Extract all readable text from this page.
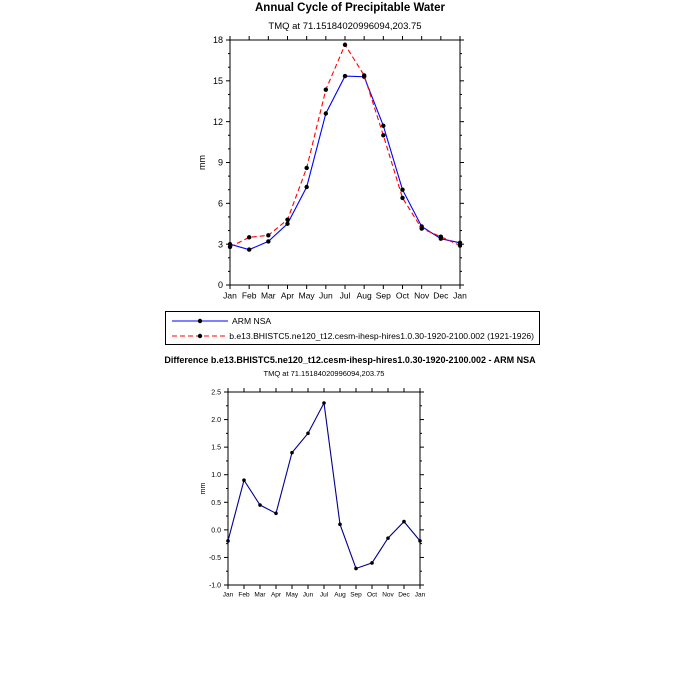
Annual Cycle of Precipitable Water
TMQ at 71.15184020996094,203.75
Jan Feb Mar Apr May Jun Jul Aug Sep Oct Nov Dec Jan
0
3
6
9
12
15
18
mm
ARM NSA
b.e13.BHISTC5.ne120_t12.cesm-ihesp-hires1.0.30-1920-2100.002 (1921-1926)
Difference b.e13.BHISTC5.ne120_t12.cesm-ihesp-hires1.0.30-1920-2100.002 - ARM NSA
TMQ at 71.15184020996094,203.75
Jan Feb Mar Apr May Jun Jul Aug Sep Oct Nov Dec Jan
-1.0
-0.5
0.0
0.5
1.0
1.5
2.0
2.5
mm
